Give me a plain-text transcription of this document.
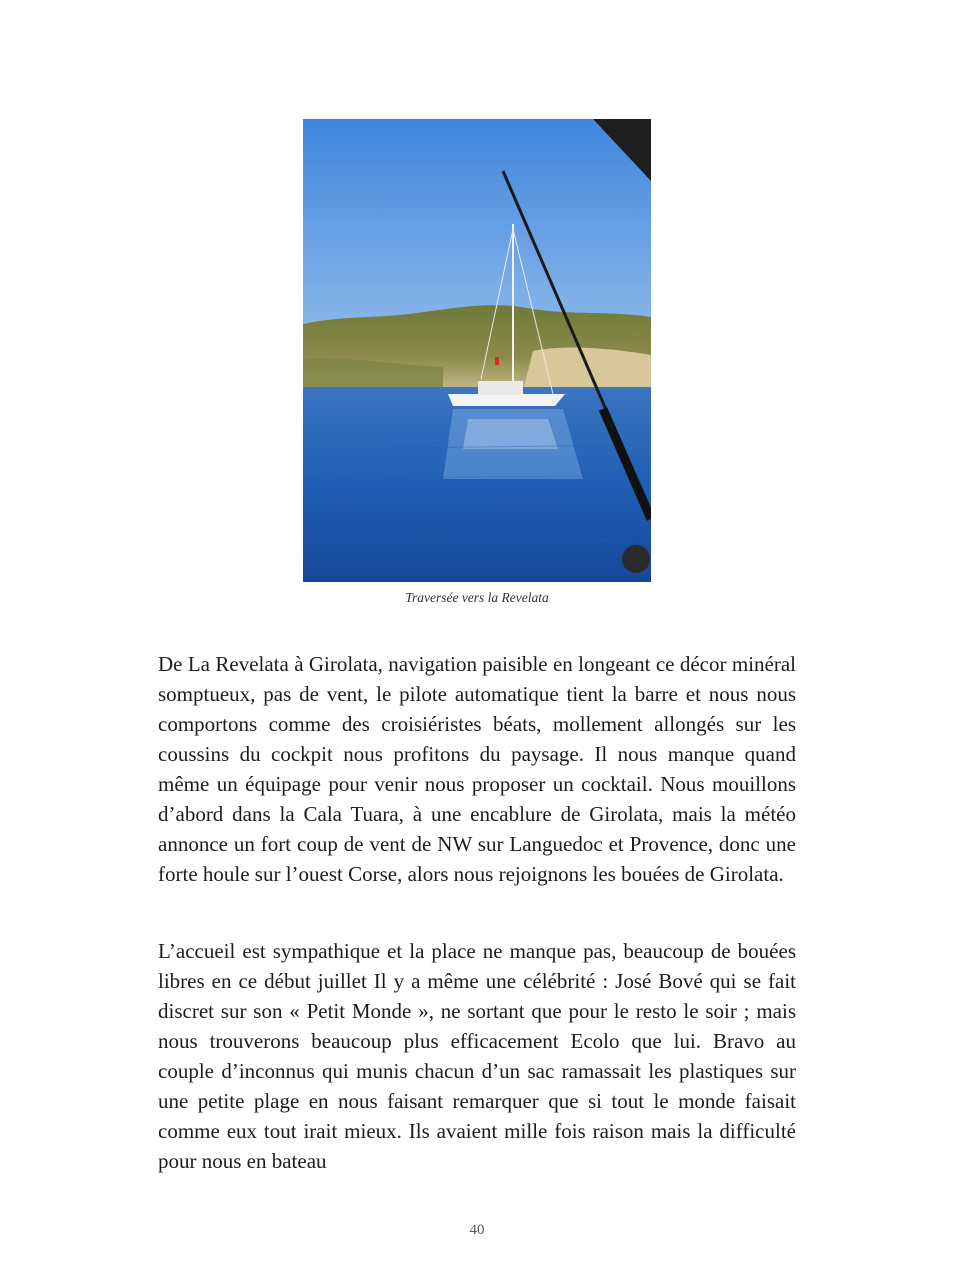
Traversée vers la Revelata

De La Revelata à Girolata, navigation paisible en longeant ce décor minéral somptueux, pas de vent, le pilote automatique tient la barre et nous nous comportons comme des croisiéristes béats, mollement allongés sur les coussins du cockpit nous profitons du paysage. Il nous manque quand même un équipage pour venir nous proposer un cocktail. Nous mouillons d’abord dans la Cala Tuara, à une encablure de Girolata, mais la météo annonce un fort coup de vent de NW sur Languedoc et Provence, donc une forte houle sur l’ouest Corse, alors nous rejoignons les bouées de Girolata.

L’accueil est sympathique et la place ne manque pas, beaucoup de bouées libres en ce début juillet Il y a même une célébrité : José Bové qui se fait discret sur son « Petit Monde », ne sortant que pour le resto le soir ; mais nous trouverons beaucoup plus efficacement Ecolo que lui. Bravo au couple d’inconnus qui munis chacun d’un sac ramassait les plastiques sur une petite plage en nous faisant remarquer que si tout le monde faisait comme eux tout irait mieux. Ils avaient mille fois raison mais la difficulté pour nous en bateau

40
